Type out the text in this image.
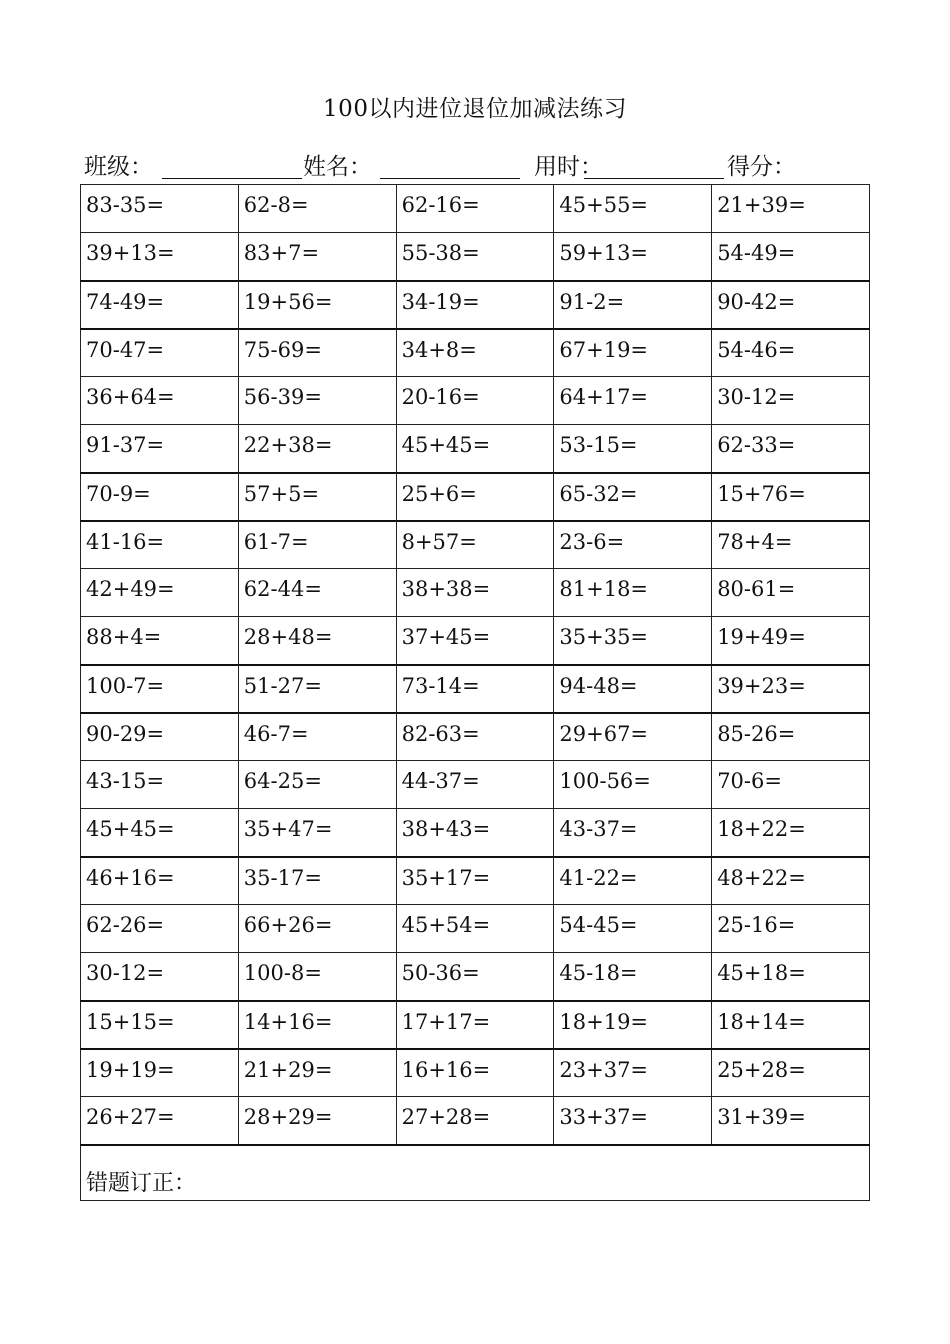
100以内进位退位加减法练习
班级：	姓名：	用时：	得分：
83-35=	62-8=	62-16=	45+55=	21+39=
39+13=	83+7=	55-38=	59+13=	54-49=
74-49=	19+56=	34-19=	91-2=	90-42=
70-47=	75-69=	34+8=	67+19=	54-46=
36+64=	56-39=	20-16=	64+17=	30-12=
91-37=	22+38=	45+45=	53-15=	62-33=
70-9=	57+5=	25+6=	65-32=	15+76=
41-16=	61-7=	8+57=	23-6=	78+4=
42+49=	62-44=	38+38=	81+18=	80-61=
88+4=	28+48=	37+45=	35+35=	19+49=
100-7=	51-27=	73-14=	94-48=	39+23=
90-29=	46-7=	82-63=	29+67=	85-26=
43-15=	64-25=	44-37=	100-56=	70-6=
45+45=	35+47=	38+43=	43-37=	18+22=
46+16=	35-17=	35+17=	41-22=	48+22=
62-26=	66+26=	45+54=	54-45=	25-16=
30-12=	100-8=	50-36=	45-18=	45+18=
15+15=	14+16=	17+17=	18+19=	18+14=
19+19=	21+29=	16+16=	23+37=	25+28=
26+27=	28+29=	27+28=	33+37=	31+39=
错题订正：				
